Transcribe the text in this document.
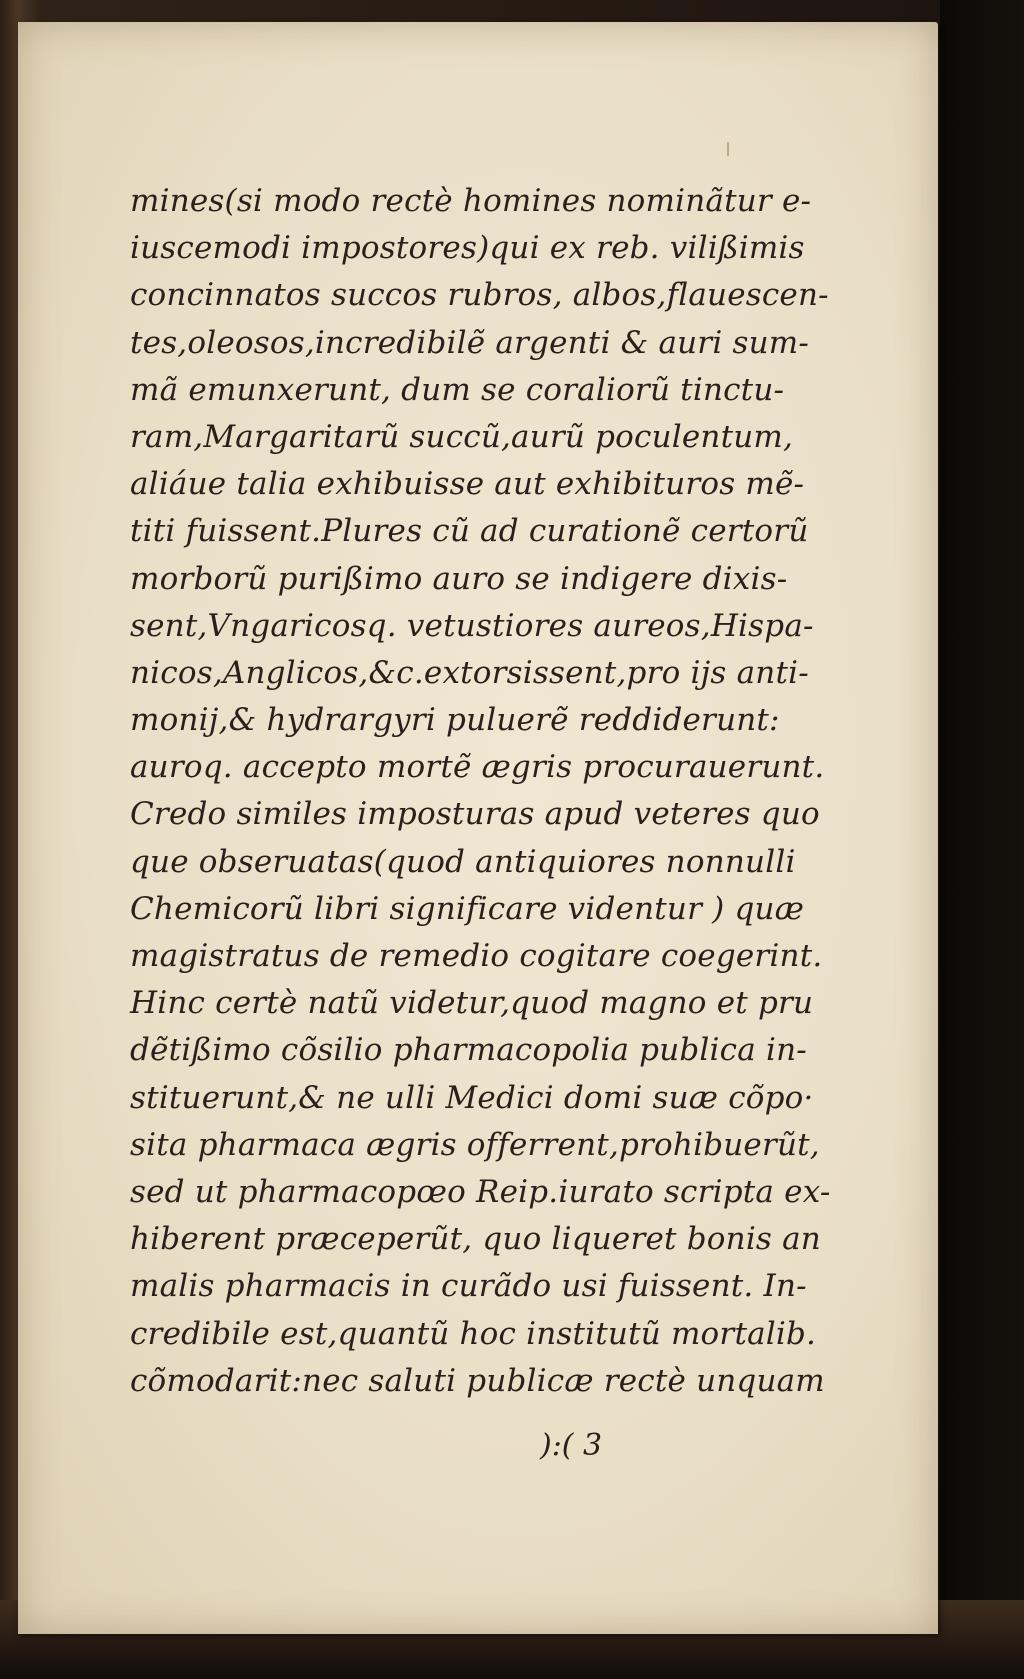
mines(si modo rectè homines nominãtur e-
iuscemodi impostores)qui ex reb. vilißimis
concinnatos succos rubros, albos,flauescen-
tes,oleosos,incredibilẽ argenti & auri sum-
mã emunxerunt, dum se coraliorũ tinctu-
ram,Margaritarũ succũ,aurũ poculentum,
aliáue talia exhibuisse aut exhibituros mẽ-
titi fuissent.Plures cũ ad curationẽ certorũ
morborũ purißimo auro se indigere dixis-
sent,Vngaricosq. vetustiores aureos,Hispa-
nicos,Anglicos,&c.extorsissent,pro ijs anti-
monij,& hydrargyri puluerẽ reddiderunt:
auroq. accepto mortẽ ægris procurauerunt.
Credo similes imposturas apud veteres quo
que obseruatas(quod antiquiores nonnulli
Chemicorũ libri significare videntur ) quæ
magistratus de remedio cogitare coegerint.
Hinc certè natũ videtur,quod magno et pru
dẽtißimo cõsilio pharmacopolia publica in-
stituerunt,& ne ulli Medici domi suæ cõpo·
sita pharmaca ægris offerrent,prohibuerũt,
sed ut pharmacopœo Reip.iurato scripta ex-
hiberent præceperũt, quo liqueret bonis an
malis pharmacis in curãdo usi fuissent. In-
credibile est,quantũ hoc institutũ mortalib.
cõmodarit:nec saluti publicæ rectè unquam
):( 3
